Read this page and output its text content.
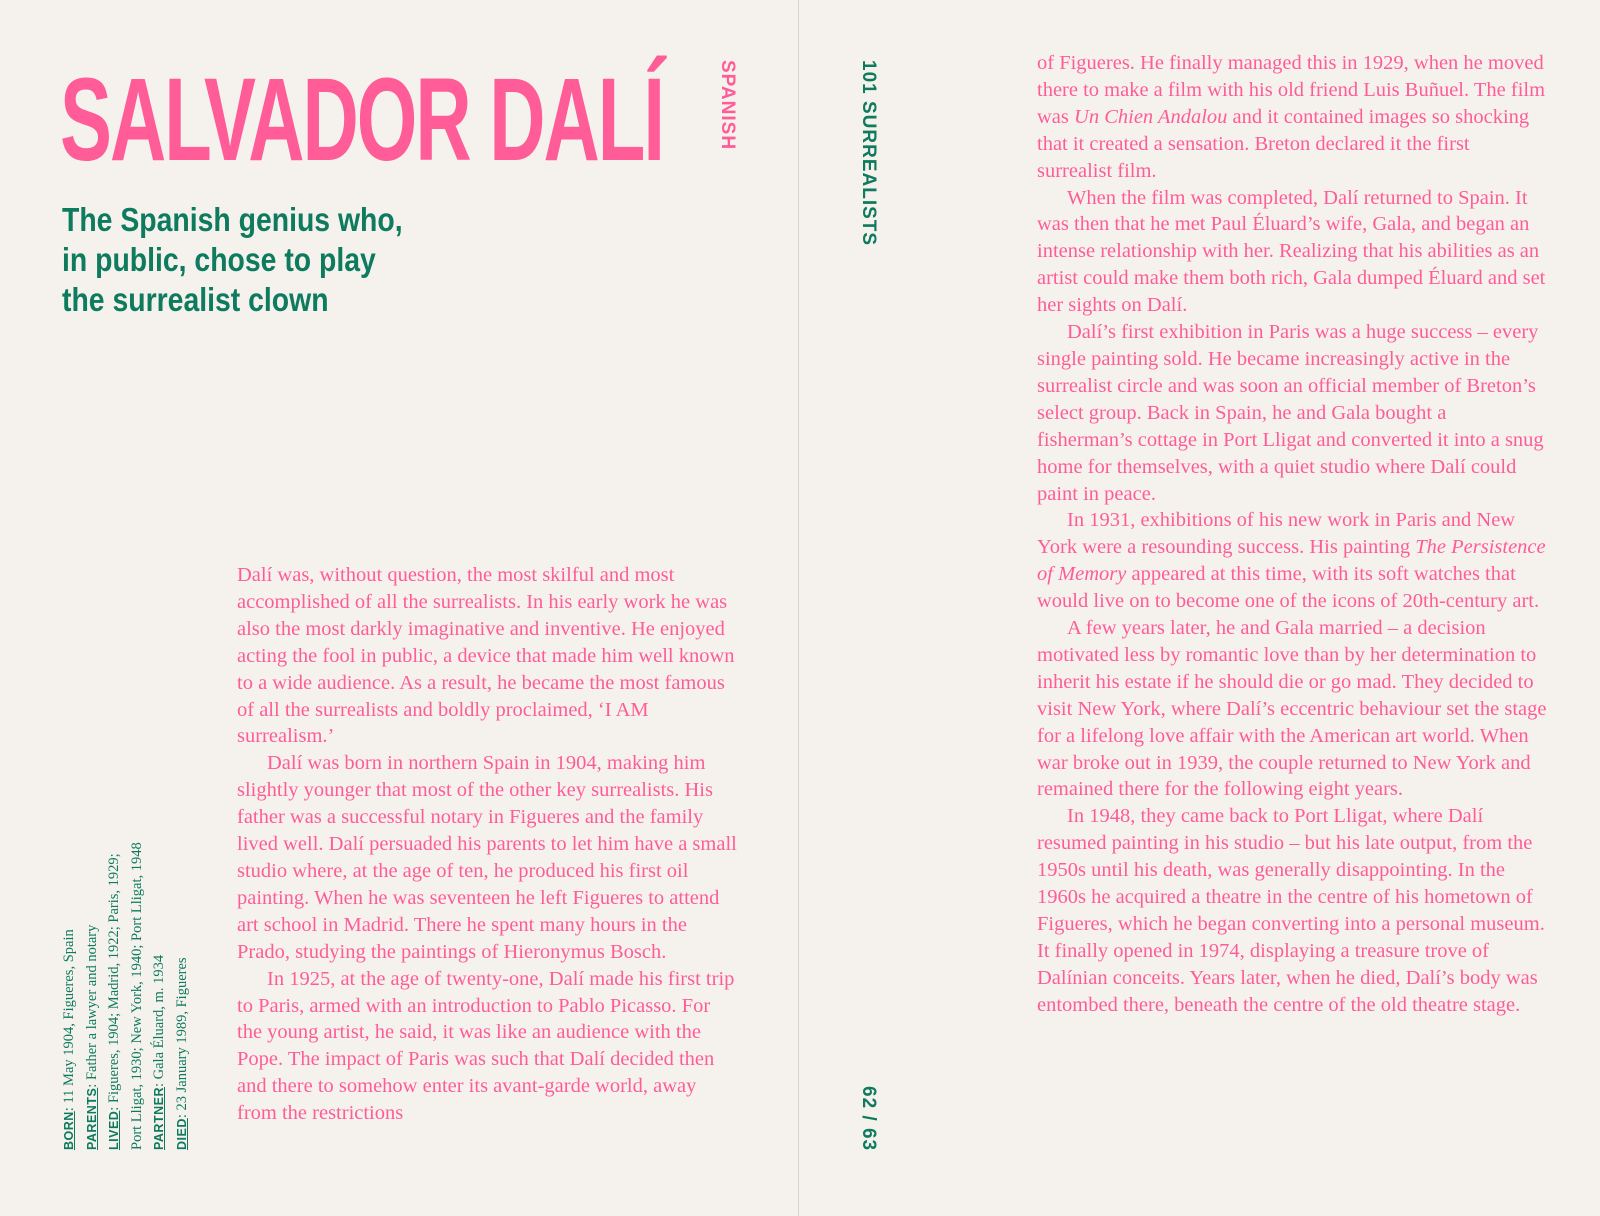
SALVADOR DALÍ
The Spanish genius who,
in public, chose to play
the surrealist clown
SPANISH
BORN: 11 May 1904, Figueres, Spain
PARENTS: Father a lawyer and notary
LIVED: Figueres, 1904; Madrid, 1922; Paris, 1929; Port Lligat, 1930; New York, 1940; Port Lligat, 1948 PARTNER: Gala Éluard, m. 1934
DIED: 23 January 1989, Figueres

Dalí was, without question, the most skilful and most accomplished of all the surrealists. In his early work he was also the most darkly imaginative and inventive. He enjoyed acting the fool in public, a device that made him well known to a wide audience. As a result, he became the most famous of all the surrealists and boldly proclaimed, ‘I AM surrealism.’

Dalí was born in northern Spain in 1904, making him slightly younger that most of the other key surrealists. His father was a successful notary in Figueres and the family lived well. Dalí persuaded his parents to let him have a small studio where, at the age of ten, he produced his first oil painting. When he was seventeen he left Figueres to attend art school in Madrid. There he spent many hours in the Prado, studying the paintings of Hieronymus Bosch.

In 1925, at the age of twenty-one, Dalí made his first trip to Paris, armed with an introduction to Pablo Picasso. For the young artist, he said, it was like an audience with the Pope. The impact of Paris was such that Dalí decided then and there to somehow enter its avant-garde world, away from the restrictions

101 SURREALISTS
62 / 63

of Figueres. He finally managed this in 1929, when he moved there to make a film with his old friend Luis Buñuel. The film was Un Chien Andalou and it contained images so shocking that it created a sensation. Breton declared it the first surrealist film.

When the film was completed, Dalí returned to Spain. It was then that he met Paul Éluard’s wife, Gala, and began an intense relationship with her. Realizing that his abilities as an artist could make them both rich, Gala dumped Éluard and set her sights on Dalí.

Dalí’s first exhibition in Paris was a huge success – every single painting sold. He became increasingly active in the surrealist circle and was soon an official member of Breton’s select group. Back in Spain, he and Gala bought a fisherman’s cottage in Port Lligat and converted it into a snug home for themselves, with a quiet studio where Dalí could paint in peace.

In 1931, exhibitions of his new work in Paris and New York were a resounding success. His painting The Persistence of Memory appeared at this time, with its soft watches that would live on to become one of the icons of 20th-century art.

A few years later, he and Gala married – a decision motivated less by romantic love than by her determination to inherit his estate if he should die or go mad. They decided to visit New York, where Dalí’s eccentric behaviour set the stage for a lifelong love affair with the American art world. When war broke out in 1939, the couple returned to New York and remained there for the following eight years.

In 1948, they came back to Port Lligat, where Dalí resumed painting in his studio – but his late output, from the 1950s until his death, was generally disappointing. In the 1960s he acquired a theatre in the centre of his hometown of Figueres, which he began converting into a personal museum. It finally opened in 1974, displaying a treasure trove of Dalínian conceits. Years later, when he died, Dalí’s body was entombed there, beneath the centre of the old theatre stage.
